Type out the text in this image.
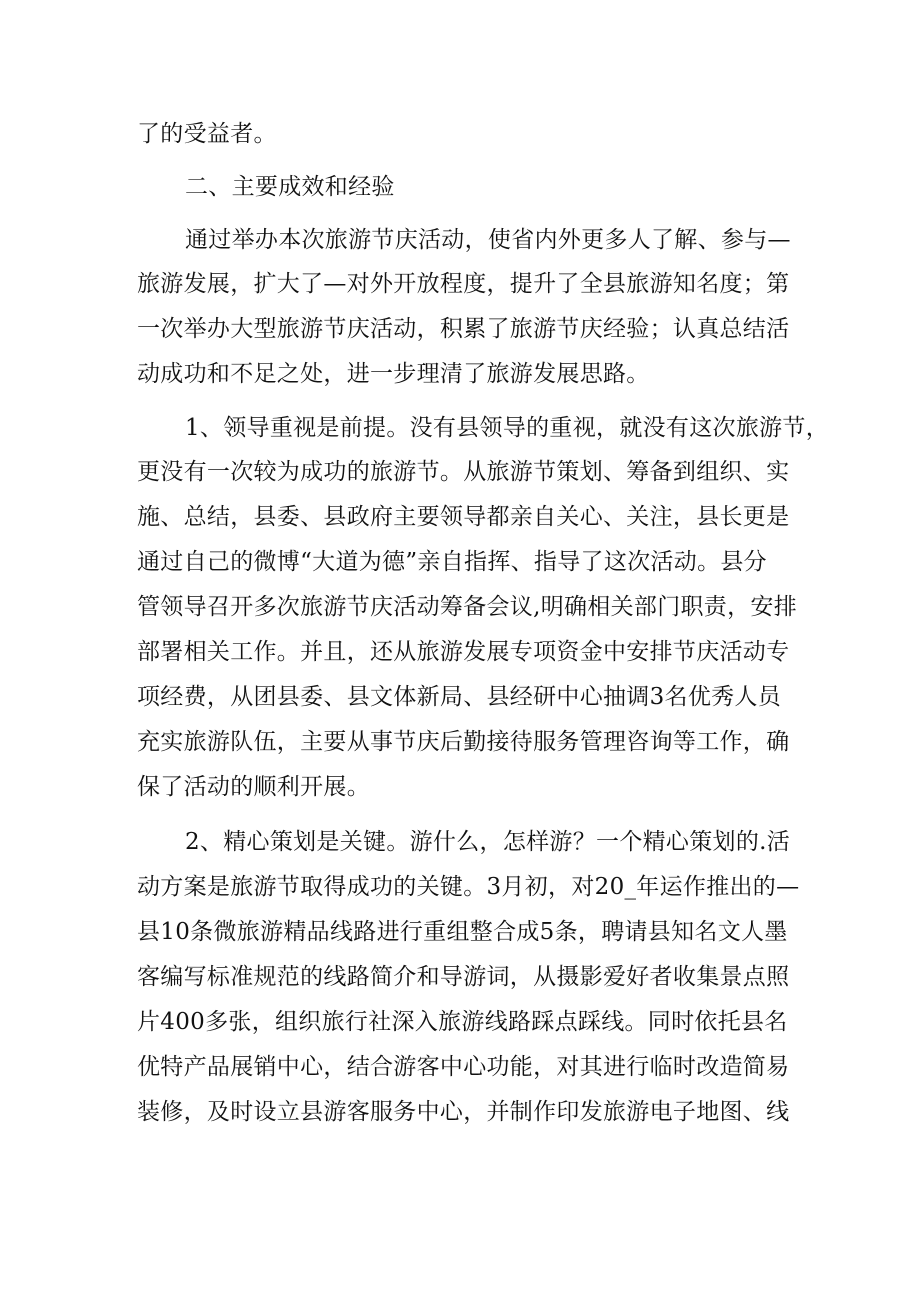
了的受益者。
二、主要成效和经验
通过举办本次旅游节庆活动，使省内外更多人了解、参与—
旅游发展，扩大了—对外开放程度，提升了全县旅游知名度；第
一次举办大型旅游节庆活动，积累了旅游节庆经验；认真总结活
动成功和不足之处，进一步理清了旅游发展思路。
1、领导重视是前提。没有县领导的重视，就没有这次旅游节，
更没有一次较为成功的旅游节。从旅游节策划、筹备到组织、实
施、总结，县委、县政府主要领导都亲自关心、关注，县长更是
通过自己的微博“大道为德”亲自指挥、指导了这次活动。县分
管领导召开多次旅游节庆活动筹备会议,明确相关部门职责，安排
部署相关工作。并且，还从旅游发展专项资金中安排节庆活动专
项经费，从团县委、县文体新局、县经研中心抽调3名优秀人员
充实旅游队伍，主要从事节庆后勤接待服务管理咨询等工作，确
保了活动的顺利开展。
2、精心策划是关键。游什么，怎样游？一个精心策划的.活
动方案是旅游节取得成功的关键。3月初，对20_年运作推出的—
县10条微旅游精品线路进行重组整合成5条，聘请县知名文人墨
客编写标准规范的线路简介和导游词，从摄影爱好者收集景点照
片400多张，组织旅行社深入旅游线路踩点踩线。同时依托县名
优特产品展销中心，结合游客中心功能，对其进行临时改造简易
装修，及时设立县游客服务中心，并制作印发旅游电子地图、线
